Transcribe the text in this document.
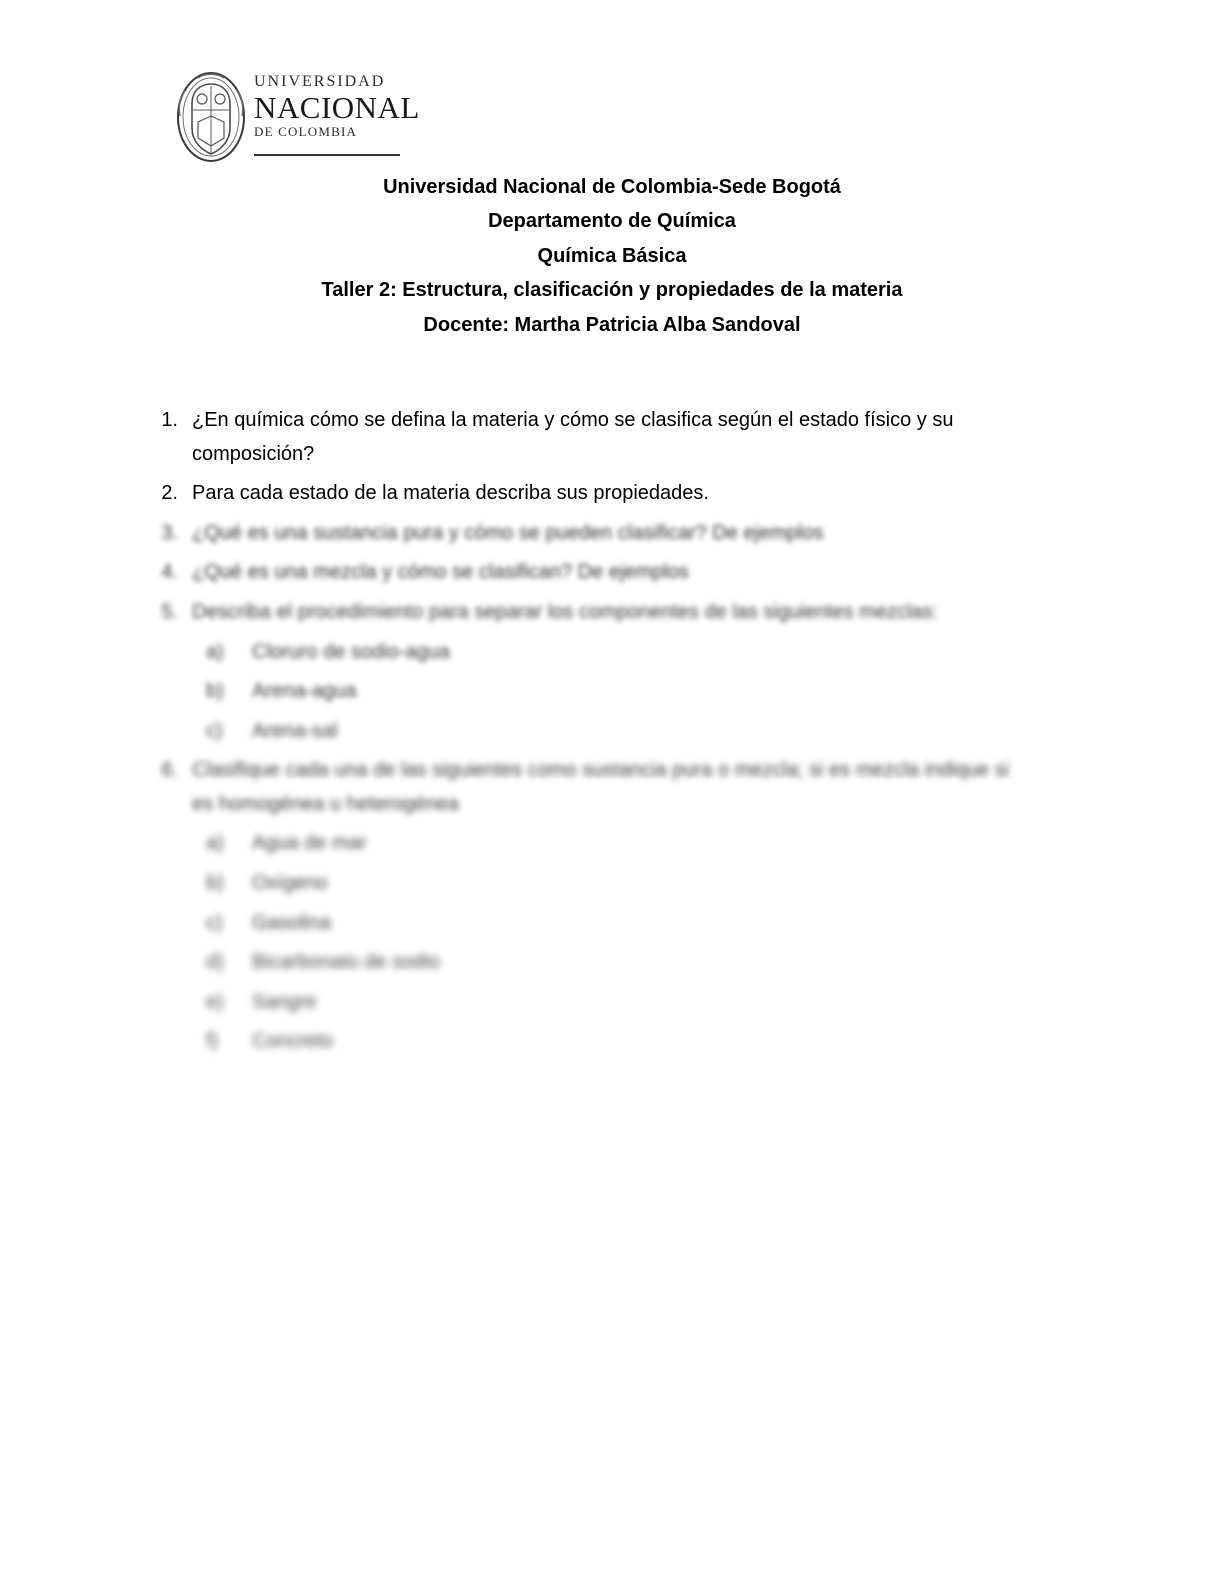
UNIVERSIDAD
NACIONAL
DE COLOMBIA
Universidad Nacional de Colombia-Sede Bogotá
Departamento de Química
Química Básica
Taller 2: Estructura, clasificación y propiedades de la materia
Docente: Martha Patricia Alba Sandoval
1. ¿En química cómo se defina la materia y cómo se clasifica según el estado físico y su composición?
2. Para cada estado de la materia describa sus propiedades.
3. ¿Qué es una sustancia pura y cómo se pueden clasificar? De ejemplos
4. ¿Qué es una mezcla y cómo se clasifican? De ejemplos
5. Describa el procedimiento para separar los componentes de las siguientes mezclas:
a)	Cloruro de sodio-agua
b)	Arena-agua
c)	Arena-sal
6. Clasifique cada una de las siguientes como sustancia pura o mezcla; si es mezcla indique si es homogénea u heterogénea
a)	Agua de mar
b)	Oxígeno
c)	Gasolina
d)	Bicarbonato de sodio
e)	Sangre
f)	Concreto
